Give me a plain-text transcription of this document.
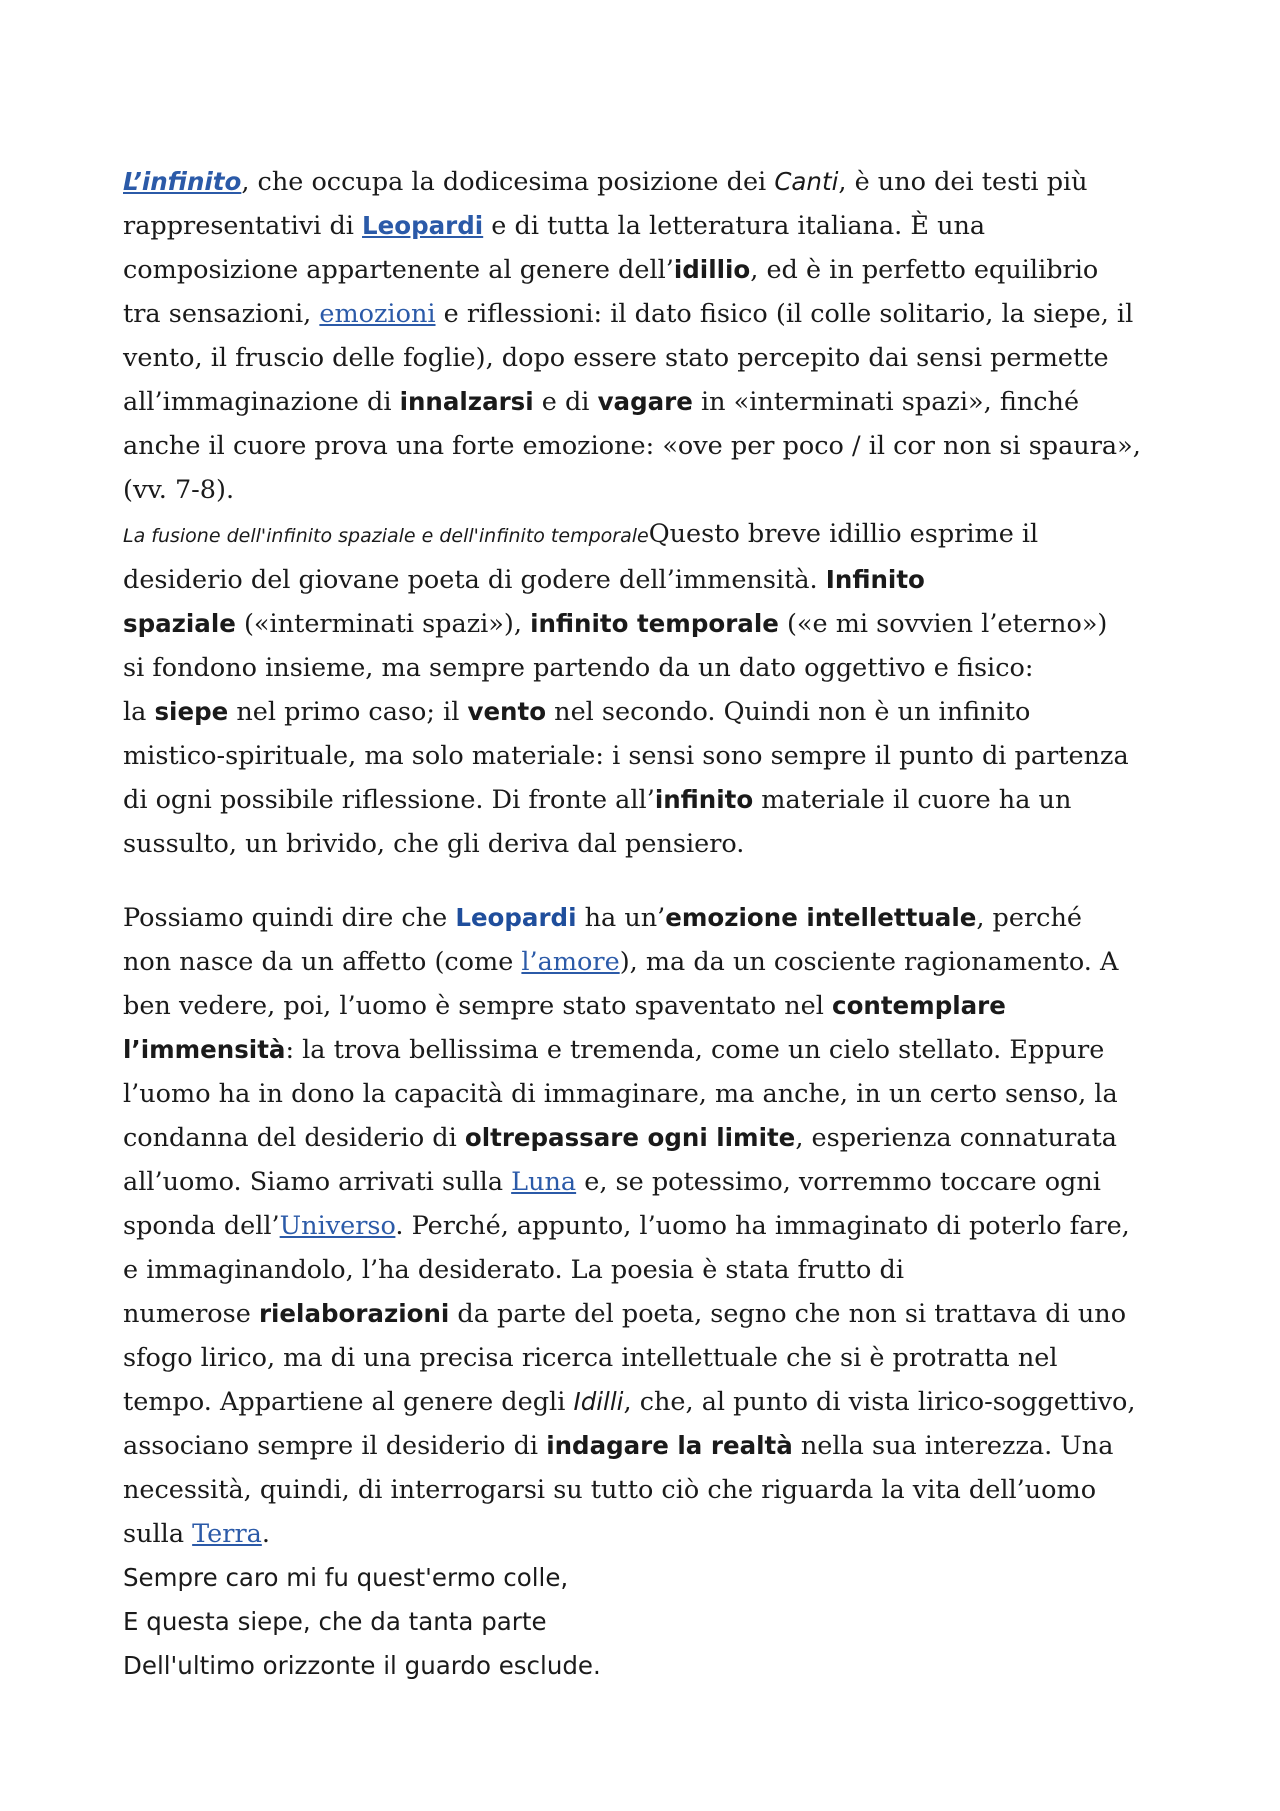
L’infinito, che occupa la dodicesima posizione dei Canti, è uno dei testi più
rappresentativi di Leopardi e di tutta la letteratura italiana. È una
composizione appartenente al genere dell’idillio, ed è in perfetto equilibrio
tra sensazioni, emozioni e riflessioni: il dato fisico (il colle solitario, la siepe, il
vento, il fruscio delle foglie), dopo essere stato percepito dai sensi permette
all’immaginazione di innalzarsi e di vagare in «interminati spazi», finché
anche il cuore prova una forte emozione: «ove per poco / il cor non si spaura»,
(vv. 7-8).

La fusione dell'infinito spaziale e dell'infinito temporaleQuesto breve idillio esprime il
desiderio del giovane poeta di godere dell’immensità. Infinito
spaziale («interminati spazi»), infinito temporale («e mi sovvien l’eterno»)
si fondono insieme, ma sempre partendo da un dato oggettivo e fisico:
la siepe nel primo caso; il vento nel secondo. Quindi non è un infinito
mistico-spirituale, ma solo materiale: i sensi sono sempre il punto di partenza
di ogni possibile riflessione. Di fronte all’infinito materiale il cuore ha un
sussulto, un brivido, che gli deriva dal pensiero.

Possiamo quindi dire che Leopardi ha un’emozione intellettuale, perché
non nasce da un affetto (come l’amore), ma da un cosciente ragionamento. A
ben vedere, poi, l’uomo è sempre stato spaventato nel contemplare
l’immensità: la trova bellissima e tremenda, come un cielo stellato. Eppure
l’uomo ha in dono la capacità di immaginare, ma anche, in un certo senso, la
condanna del desiderio di oltrepassare ogni limite, esperienza connaturata
all’uomo. Siamo arrivati sulla Luna e, se potessimo, vorremmo toccare ogni
sponda dell’Universo. Perché, appunto, l’uomo ha immaginato di poterlo fare,
e immaginandolo, l’ha desiderato. La poesia è stata frutto di
numerose rielaborazioni da parte del poeta, segno che non si trattava di uno
sfogo lirico, ma di una precisa ricerca intellettuale che si è protratta nel
tempo. Appartiene al genere degli Idilli, che, al punto di vista lirico-soggettivo,
associano sempre il desiderio di indagare la realtà nella sua interezza. Una
necessità, quindi, di interrogarsi su tutto ciò che riguarda la vita dell’uomo
sulla Terra.

Sempre caro mi fu quest'ermo colle,

E questa siepe, che da tanta parte

Dell'ultimo orizzonte il guardo esclude.
